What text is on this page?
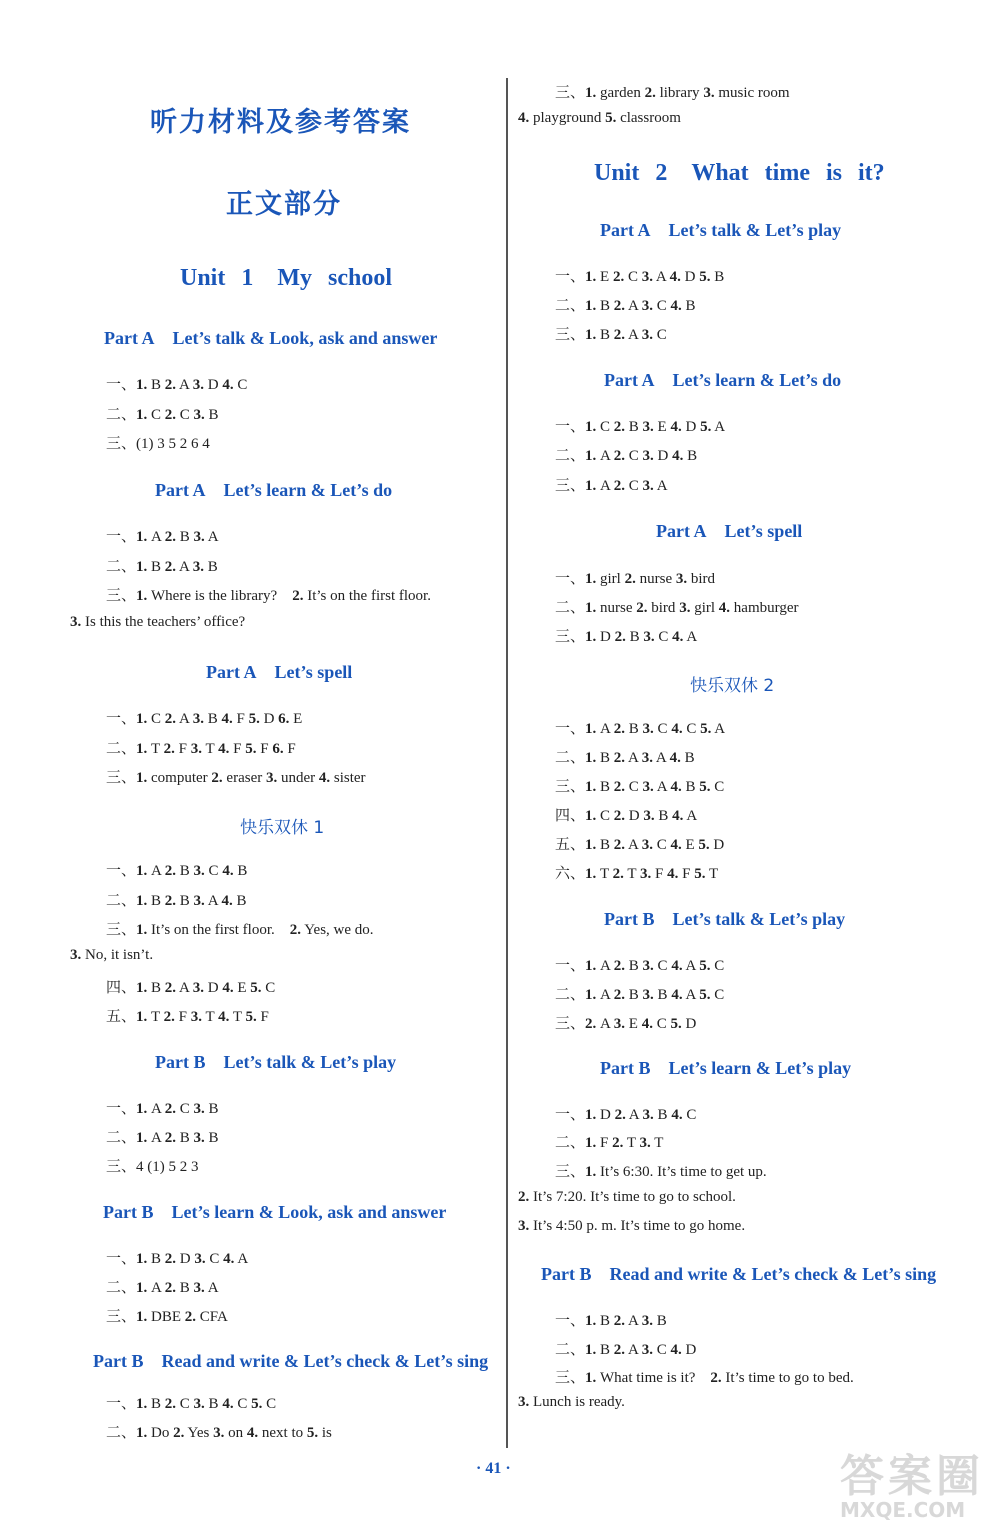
听力材料及参考答案
正文部分
Unit 1　My school
Part A Let’s talk & Look, ask and answer
一、1. B 2. A 3. D 4. C
二、1. C 2. C 3. B
三、(1) 3 5 2 6 4
Part A Let’s learn & Let’s do
一、1. A 2. B 3. A
二、1. B 2. A 3. B
三、1. Where is the library?　2. It’s on the first floor.
3. Is this the teachers’ office?
Part A Let’s spell
一、1. C 2. A 3. B 4. F 5. D 6. E
二、1. T 2. F 3. T 4. F 5. F 6. F
三、1. computer 2. eraser 3. under 4. sister
快乐双休 1
一、1. A 2. B 3. C 4. B
二、1. B 2. B 3. A 4. B
三、1. It’s on the first floor.　2. Yes, we do.
3. No, it isn’t.
四、1. B 2. A 3. D 4. E 5. C
五、1. T 2. F 3. T 4. T 5. F
Part B Let’s talk & Let’s play
一、1. A 2. C 3. B
二、1. A 2. B 3. B
三、4 (1) 5 2 3
Part B Let’s learn & Look, ask and answer
一、1. B 2. D 3. C 4. A
二、1. A 2. B 3. A
三、1. DBE 2. CFA
Part B Read and write & Let’s check & Let’s sing
一、1. B 2. C 3. B 4. C 5. C
二、1. Do 2. Yes 3. on 4. next to 5. is
Unit 2　What time is it?
三、1. garden 2. library 3. music room
4. playground 5. classroom
Part A Let’s talk & Let’s play
一、1. E 2. C 3. A 4. D 5. B
二、1. B 2. A 3. C 4. B
三、1. B 2. A 3. C
Part A Let’s learn & Let’s do
一、1. C 2. B 3. E 4. D 5. A
二、1. A 2. C 3. D 4. B
三、1. A 2. C 3. A
Part A Let’s spell
一、1. girl 2. nurse 3. bird
二、1. nurse 2. bird 3. girl 4. hamburger
三、1. D 2. B 3. C 4. A
快乐双休 2
一、1. A 2. B 3. C 4. C 5. A
二、1. B 2. A 3. A 4. B
三、1. B 2. C 3. A 4. B 5. C
四、1. C 2. D 3. B 4. A
五、1. B 2. A 3. C 4. E 5. D
六、1. T 2. T 3. F 4. F 5. T
Part B Let’s talk & Let’s play
一、1. A 2. B 3. C 4. A 5. C
二、1. A 2. B 3. B 4. A 5. C
三、2. A 3. E 4. C 5. D
Part B Let’s learn & Let’s play
一、1. D 2. A 3. B 4. C
二、1. F 2. T 3. T
三、1. It’s 6:30. It’s time to get up.
2. It’s 7:20. It’s time to go to school.
3. It’s 4:50 p. m. It’s time to go home.
Part B Read and write & Let’s check & Let’s sing
一、1. B 2. A 3. B
二、1. B 2. A 3. C 4. D
三、1. What time is it?　2. It’s time to go to bed.
3. Lunch is ready.
· 41 ·	答案圈
MXQE.COM
